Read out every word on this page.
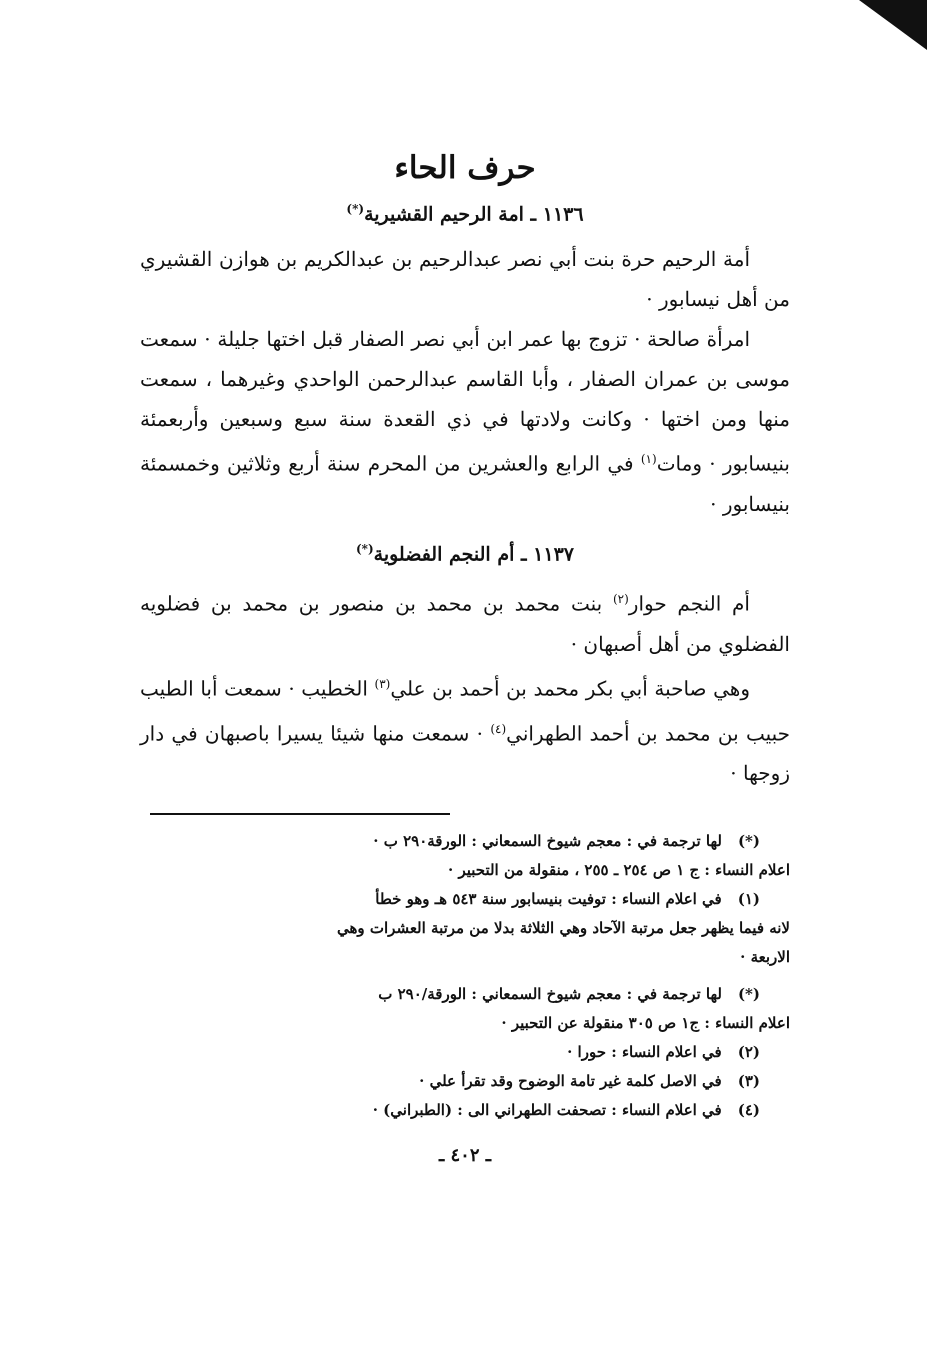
حرف الحاء
١١٣٦ ـ امة الرحيم القشيرية(*)

أمة الرحيم حرة بنت أبي نصر عبدالرحيم بن عبدالكريم بن هوازن القشيري من أهل نيسابور ·

امرأة صالحة · تزوج بها عمر ابن أبي نصر الصفار قبل اختها جليلة · سمعت موسى بن عمران الصفار ، وأبا القاسم عبدالرحمن الواحدي وغيرهما ، سمعت منها ومن اختها · وكانت ولادتها في ذي القعدة سنة سبع وسبعين وأربعمئة بنيسابور · ومات$^{(١)}$ في الرابع والعشرين من المحرم سنة أربع وثلاثين وخمسمئة بنيسابور ·

١١٣٧ ـ أم النجم الفضلوية(*)

أم النجم حوار$^{(٢)}$ بنت محمد بن محمد بن منصور بن محمد بن فضلويه الفضلوي من أهل أصبهان ·

وهي صاحبة أبي بكر محمد بن أحمد بن علي$^{(٣)}$ الخطيب · سمعت أبا الطيب حبيب بن محمد بن أحمد الطهراني$^{(٤)}$ · سمعت منها شيئا يسيرا باصبهان في دار زوجها ·

(*)لها ترجمة في : معجم شيوخ السمعاني : الورقة٢٩٠ ب ·

اعلام النساء : ج ١ ص ٢٥٤ ـ ٢٥٥ ، منقولة من التحبير ·

(١)في اعلام النساء : توفيت بنيسابور سنة ٥٤٣ هـ وهو خطأ

لانه فيما يظهر جعل مرتبة الآحاد وهي الثلاثة بدلا من مرتبة العشرات وهي

الاربعة ·

(*)لها ترجمة في : معجم شيوخ السمعاني : الورقة/٢٩٠ ب

اعلام النساء : ج١ ص ٣٠٥ منقولة عن التحبير ·

(٢)في اعلام النساء : حورا ·

(٣)في الاصل كلمة غير تامة الوضوح وقد تقرأ علي ·

(٤)في اعلام النساء : تصحفت الطهراني الى : (الطبراني) ·

ـ ٤٠٢ ـ
